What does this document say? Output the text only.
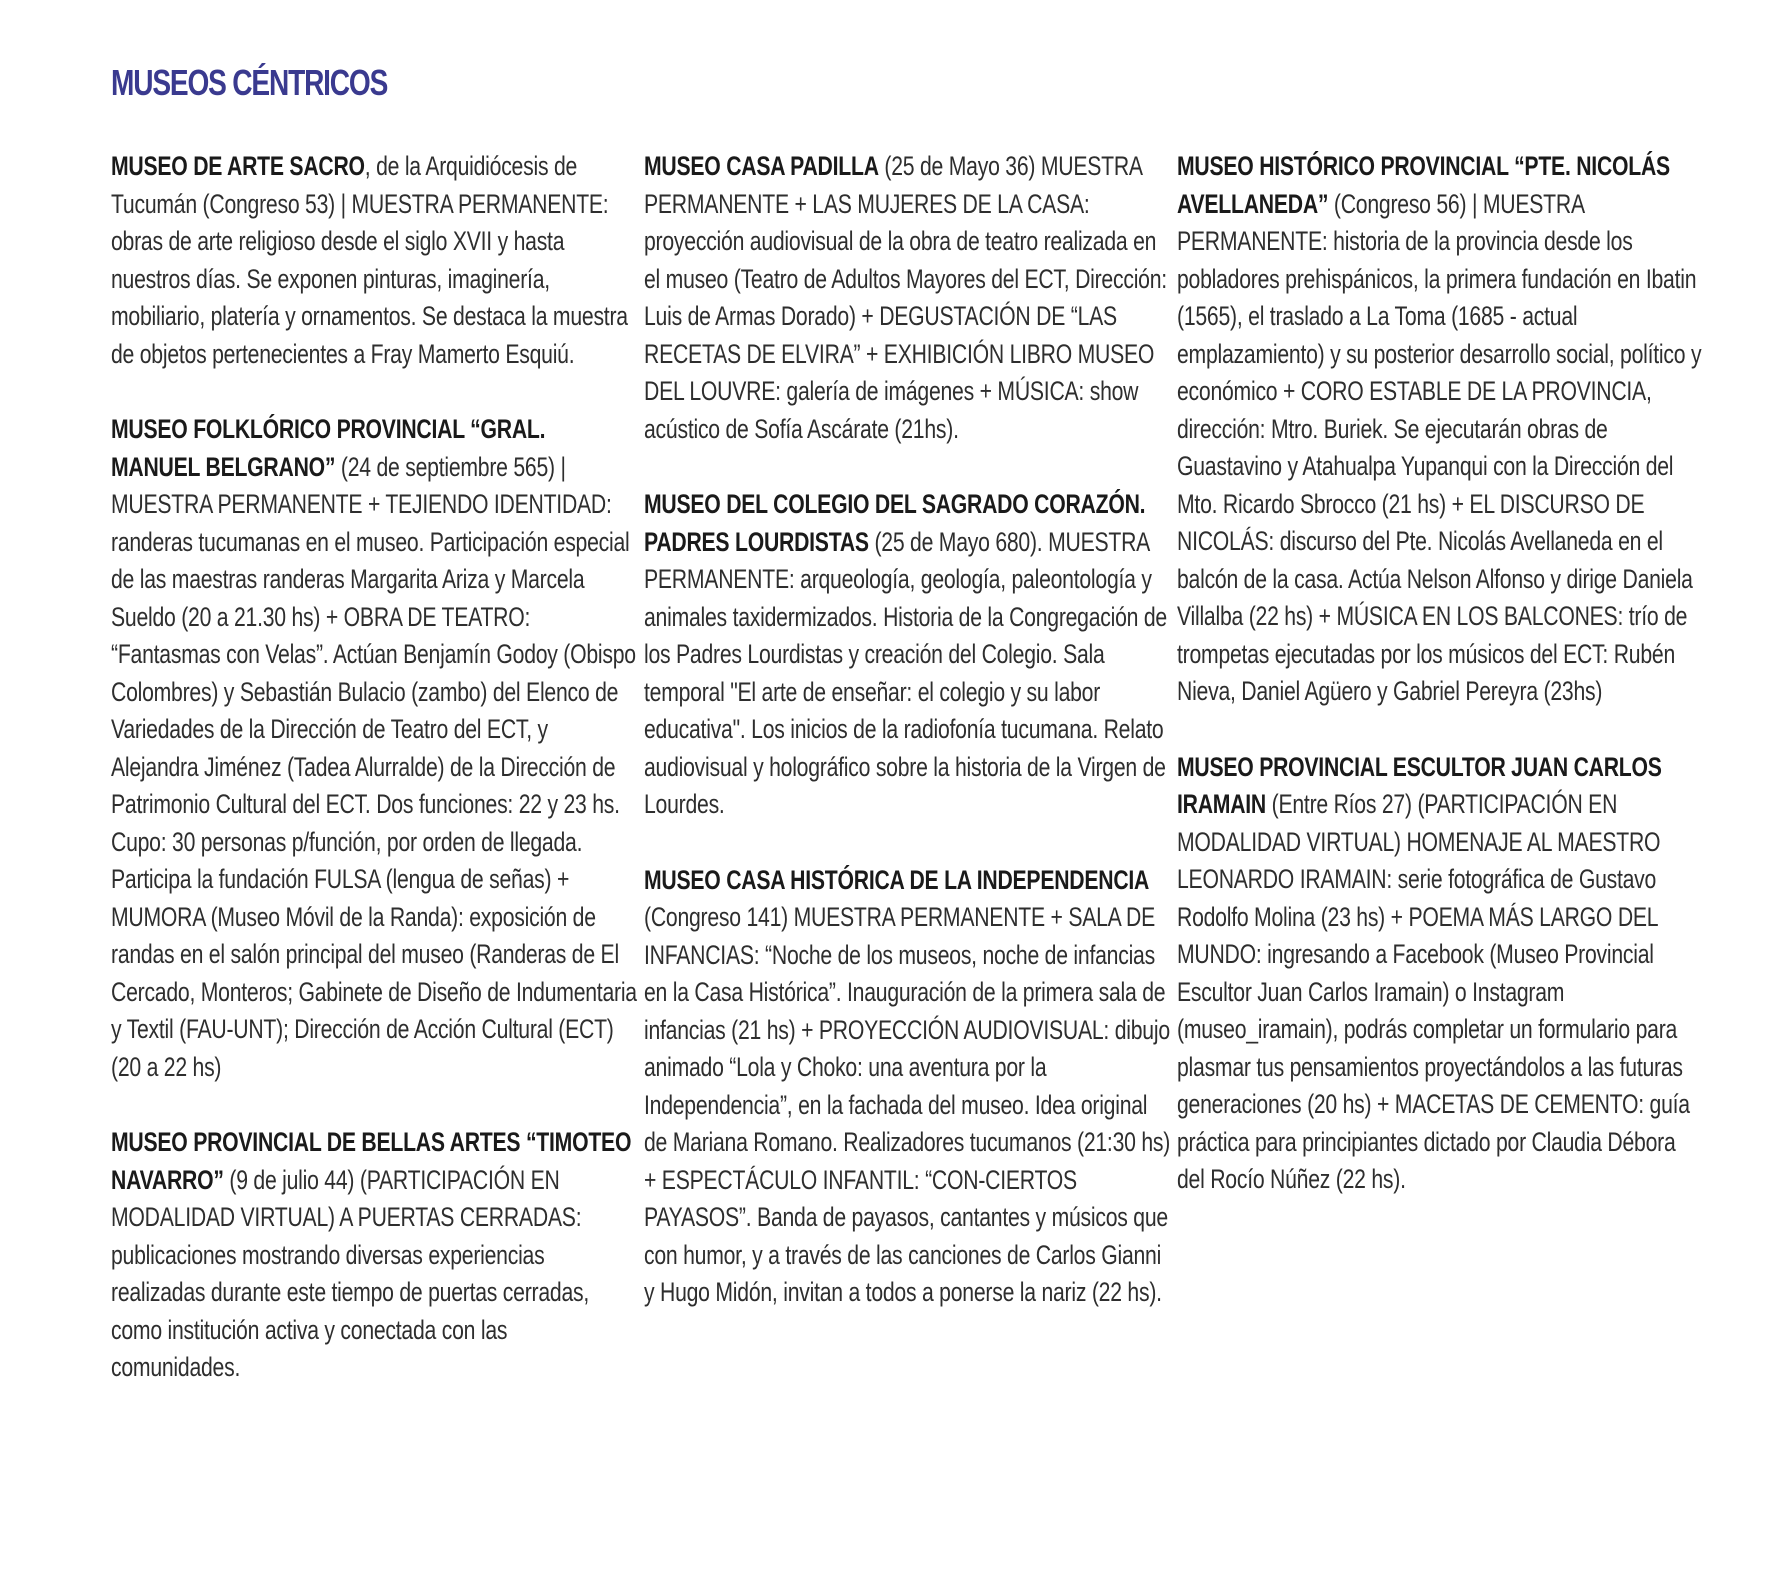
MUSEOS CÉNTRICOS

MUSEO DE ARTE SACRO, de la Arquidiócesis de Tucumán (Congreso 53) | MUESTRA PERMANENTE: obras de arte religioso desde el siglo XVII y hasta nuestros días. Se exponen pinturas, imaginería, mobiliario, platería y ornamentos. Se destaca la muestra de objetos pertenecientes a Fray Mamerto Esquiú.

MUSEO FOLKLÓRICO PROVINCIAL “GRAL. MANUEL BELGRANO” (24 de septiembre 565) | MUESTRA PERMANENTE + TEJIENDO IDENTIDAD: randeras tucumanas en el museo. Participación especial de las maestras randeras Margarita Ariza y Marcela Sueldo (20 a 21.30 hs) + OBRA DE TEATRO: “Fantasmas con Velas”. Actúan Benjamín Godoy (Obispo Colombres) y Sebastián Bulacio (zambo) del Elenco de Variedades de la Dirección de Teatro del ECT, y Alejandra Jiménez (Tadea Alurralde) de la Dirección de Patrimonio Cultural del ECT. Dos funciones: 22 y 23 hs. Cupo: 30 personas p/función, por orden de llegada. Participa la fundación FULSA (lengua de señas) + MUMORA (Museo Móvil de la Randa): exposición de randas en el salón principal del museo (Randeras de El Cercado, Monteros; Gabinete de Diseño de Indumentaria y Textil (FAU-UNT); Dirección de Acción Cultural (ECT) (20 a 22 hs)

MUSEO PROVINCIAL DE BELLAS ARTES “TIMOTEO NAVARRO” (9 de julio 44) (PARTICIPACIÓN EN MODALIDAD VIRTUAL) A PUERTAS CERRADAS: publicaciones mostrando diversas experiencias realizadas durante este tiempo de puertas cerradas, como institución activa y conectada con las comunidades.

MUSEO CASA PADILLA (25 de Mayo 36) MUESTRA PERMANENTE + LAS MUJERES DE LA CASA: proyección audiovisual de la obra de teatro realizada en el museo (Teatro de Adultos Mayores del ECT, Dirección: Luis de Armas Dorado) + DEGUSTACIÓN DE “LAS RECETAS DE ELVIRA” + EXHIBICIÓN LIBRO MUSEO DEL LOUVRE: galería de imágenes + MÚSICA: show acústico de Sofía Ascárate (21hs).

MUSEO DEL COLEGIO DEL SAGRADO CORAZÓN. PADRES LOURDISTAS (25 de Mayo 680). MUESTRA PERMANENTE: arqueología, geología, paleontología y animales taxidermizados. Historia de la Congregación de los Padres Lourdistas y creación del Colegio. Sala temporal "El arte de enseñar: el colegio y su labor educativa". Los inicios de la radiofonía tucumana. Relato audiovisual y holográfico sobre la historia de la Virgen de Lourdes.

MUSEO CASA HISTÓRICA DE LA INDEPENDENCIA (Congreso 141) MUESTRA PERMANENTE + SALA DE INFANCIAS: “Noche de los museos, noche de infancias en la Casa Histórica”. Inauguración de la primera sala de infancias (21 hs) + PROYECCIÓN AUDIOVISUAL: dibujo animado “Lola y Choko: una aventura por la Independencia”, en la fachada del museo. Idea original de Mariana Romano. Realizadores tucumanos (21:30 hs) + ESPECTÁCULO INFANTIL: “CON-CIERTOS PAYASOS”. Banda de payasos, cantantes y músicos que con humor, y a través de las canciones de Carlos Gianni y Hugo Midón, invitan a todos a ponerse la nariz (22 hs).

MUSEO HISTÓRICO PROVINCIAL “PTE. NICOLÁS AVELLANEDA” (Congreso 56) | MUESTRA PERMANENTE: historia de la provincia desde los pobladores prehispánicos, la primera fundación en Ibatin (1565), el traslado a La Toma (1685 - actual emplazamiento) y su posterior desarrollo social, político y económico + CORO ESTABLE DE LA PROVINCIA, dirección: Mtro. Buriek. Se ejecutarán obras de Guastavino y Atahualpa Yupanqui con la Dirección del Mto. Ricardo Sbrocco (21 hs) + EL DISCURSO DE NICOLÁS: discurso del Pte. Nicolás Avellaneda en el balcón de la casa. Actúa Nelson Alfonso y dirige Daniela Villalba (22 hs) + MÚSICA EN LOS BALCONES: trío de trompetas ejecutadas por los músicos del ECT: Rubén Nieva, Daniel Agüero y Gabriel Pereyra (23hs)

MUSEO PROVINCIAL ESCULTOR JUAN CARLOS IRAMAIN (Entre Ríos 27) (PARTICIPACIÓN EN MODALIDAD VIRTUAL) HOMENAJE AL MAESTRO LEONARDO IRAMAIN: serie fotográfica de Gustavo Rodolfo Molina (23 hs) + POEMA MÁS LARGO DEL MUNDO: ingresando a Facebook (Museo Provincial Escultor Juan Carlos Iramain) o Instagram (museo_iramain), podrás completar un formulario para plasmar tus pensamientos proyectándolos a las futuras generaciones (20 hs) + MACETAS DE CEMENTO: guía práctica para principiantes dictado por Claudia Débora del Rocío Núñez (22 hs).
